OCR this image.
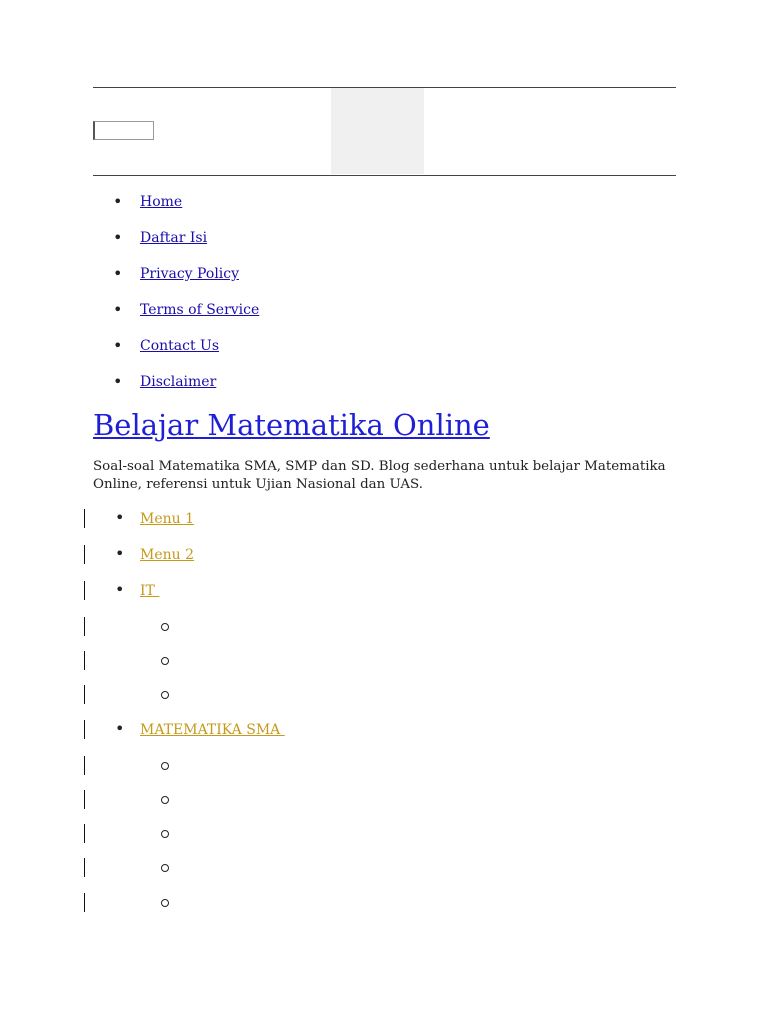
Home
Daftar Isi
Privacy Policy
Terms of Service
Contact Us
Disclaimer
Belajar Matematika Online

Soal-soal Matematika SMA, SMP dan SD. Blog sederhana untuk belajar Matematika Online, referensi untuk Ujian Nasional dan UAS.

• Menu 1
• Menu 2
• IT
• MATEMATIKA SMA
